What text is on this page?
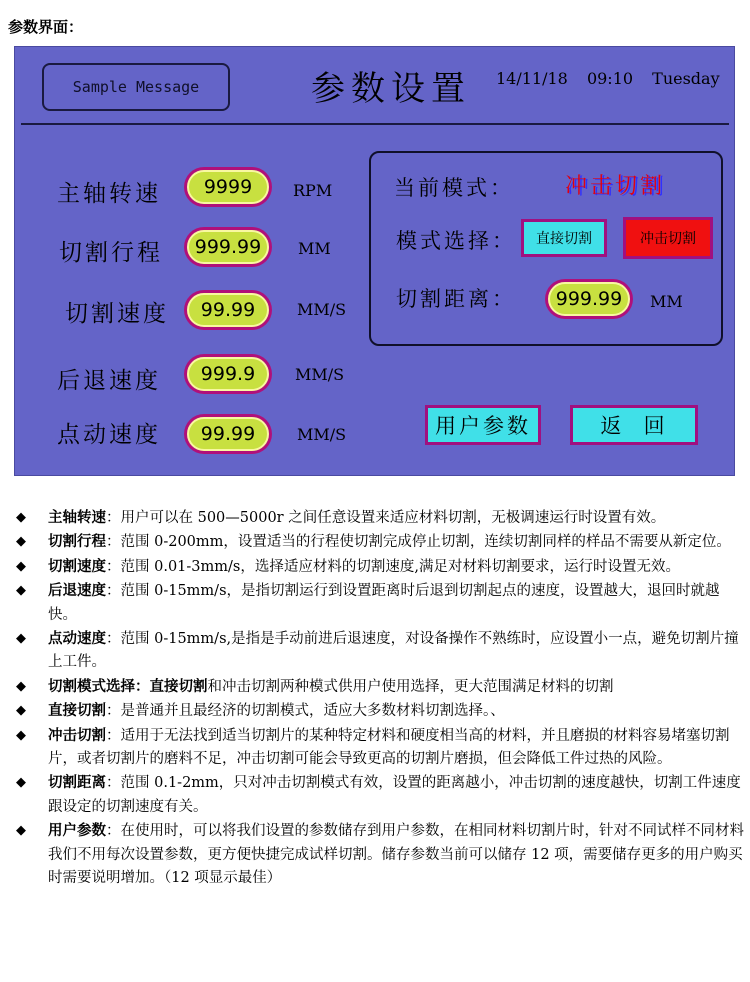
参数界面：
Sample Message	参数设置 14/11/18 09:10 Tuesday
主轴转速	9999	RPM
切割行程	999.99	MM
切割速度	99.99	MM/S
后退速度	999.9	MM/S
点动速度	99.99	MM/S
当前模式： 冲击切割
模式选择：	直接切割	冲击切割
切割距离：	999.99	MM
用户参数	返  回
◆ 主轴转速：用户可以在 500—5000r 之间任意设置来适应材料切割，无极调速运行时设置有效。
◆ 切割行程：范围 0-200mm，设置适当的行程使切割完成停止切割，连续切割同样的样品不需要从新定位。
◆ 切割速度：范围 0.01-3mm/s，选择适应材料的切割速度,满足对材料切割要求，运行时设置无效。
◆ 后退速度：范围 0-15mm/s，是指切割运行到设置距离时后退到切割起点的速度，设置越大，退回时就越快。
◆ 点动速度：范围 0-15mm/s,是指是手动前进后退速度，对设备操作不熟练时，应设置小一点，避免切割片撞上工件。
◆ 切割模式选择：直接切割和冲击切割两种模式供用户使用选择，更大范围满足材料的切割
◆ 直接切割：是普通并且最经济的切割模式，适应大多数材料切割选择。、
◆ 冲击切割：适用于无法找到适当切割片的某种特定材料和硬度相当高的材料，并且磨损的材料容易堵塞切割片，或者切割片的磨料不足，冲击切割可能会导致更高的切割片磨损，但会降低工件过热的风险。
◆ 切割距离：范围 0.1-2mm，只对冲击切割模式有效，设置的距离越小，冲击切割的速度越快，切割工件速度跟设定的切割速度有关。
◆ 用户参数：在使用时，可以将我们设置的参数储存到用户参数，在相同材料切割片时，针对不同试样不同材料我们不用每次设置参数，更方便快捷完成试样切割。储存参数当前可以储存 12 项，需要储存更多的用户购买时需要说明增加。（12 项显示最佳）
